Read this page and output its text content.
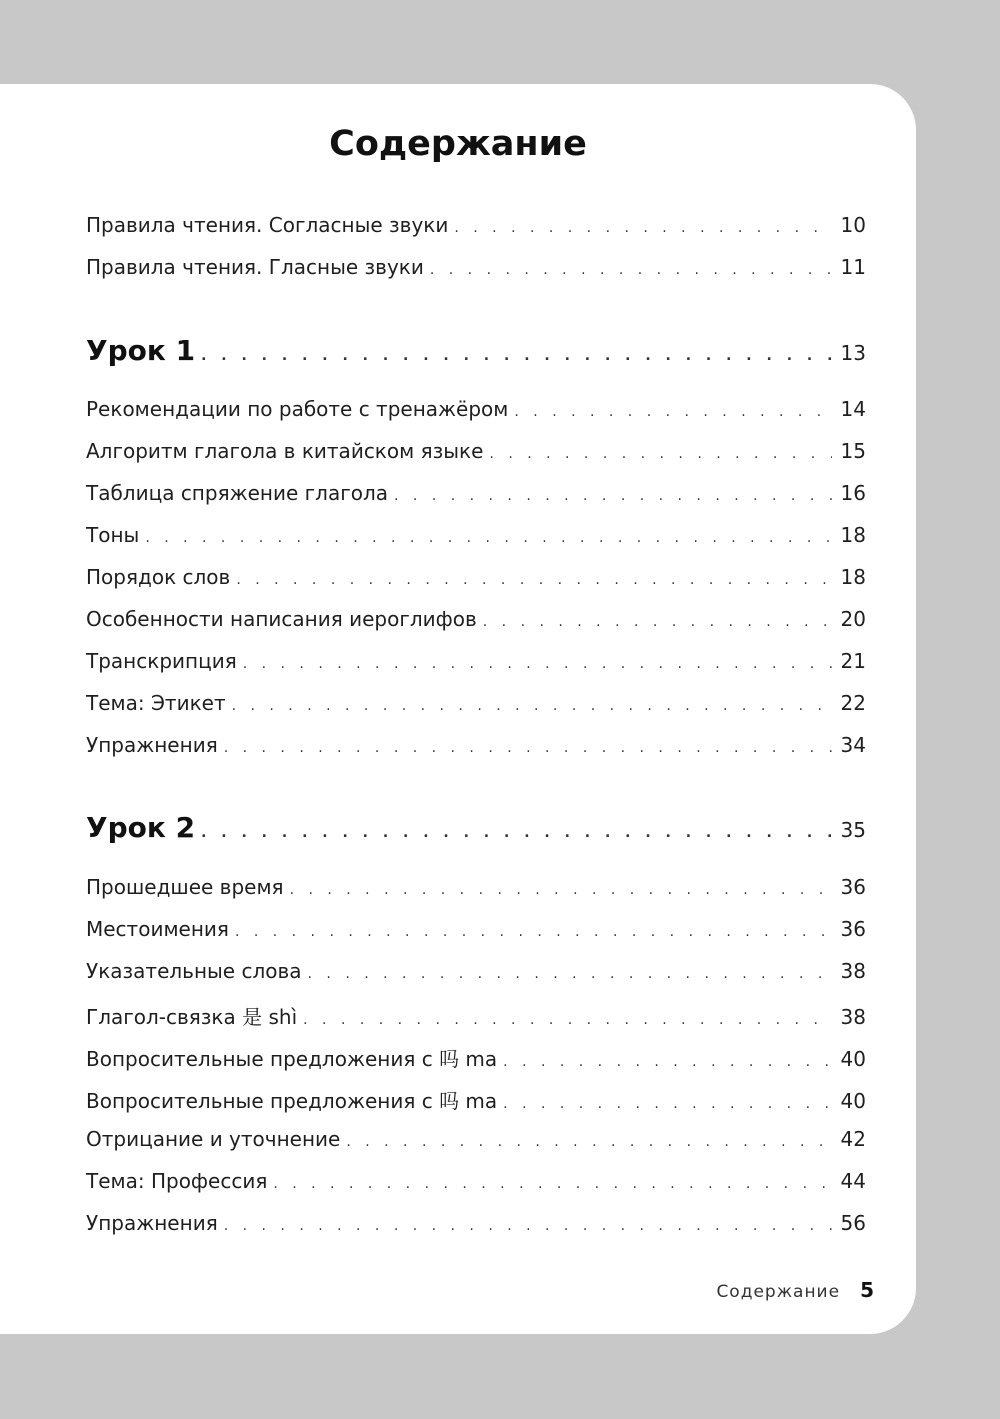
Содержание
Правила чтения. Согласные звуки . . .	10
Правила чтения. Гласные звуки . . .	11
Урок 1 . . .	13
Рекомендации по работе с тренажёром . . .	14
Алгоритм глагола в китайском языке . . .	15
Таблица спряжение глагола . . .	16
Тоны . . .	18
Порядок слов . . .	18
Особенности написания иероглифов . . .	20
Транскрипция . . .	21
Тема: Этикет . . .	22
Упражнения . . .	34
Урок 2 . . .	35
Прошедшее время . . .	36
Местоимения . . .	36
Указательные слова . . .	38
Глагол-связка 是 shì . . .	38
Вопросительные предложения с 吗 ma . . .	40
Вопросительные предложения с 吗 ma . . .	40
Отрицание и уточнение . . .	42
Тема: Профессия . . .	44
Упражнения . . .	56
Содержание 5
